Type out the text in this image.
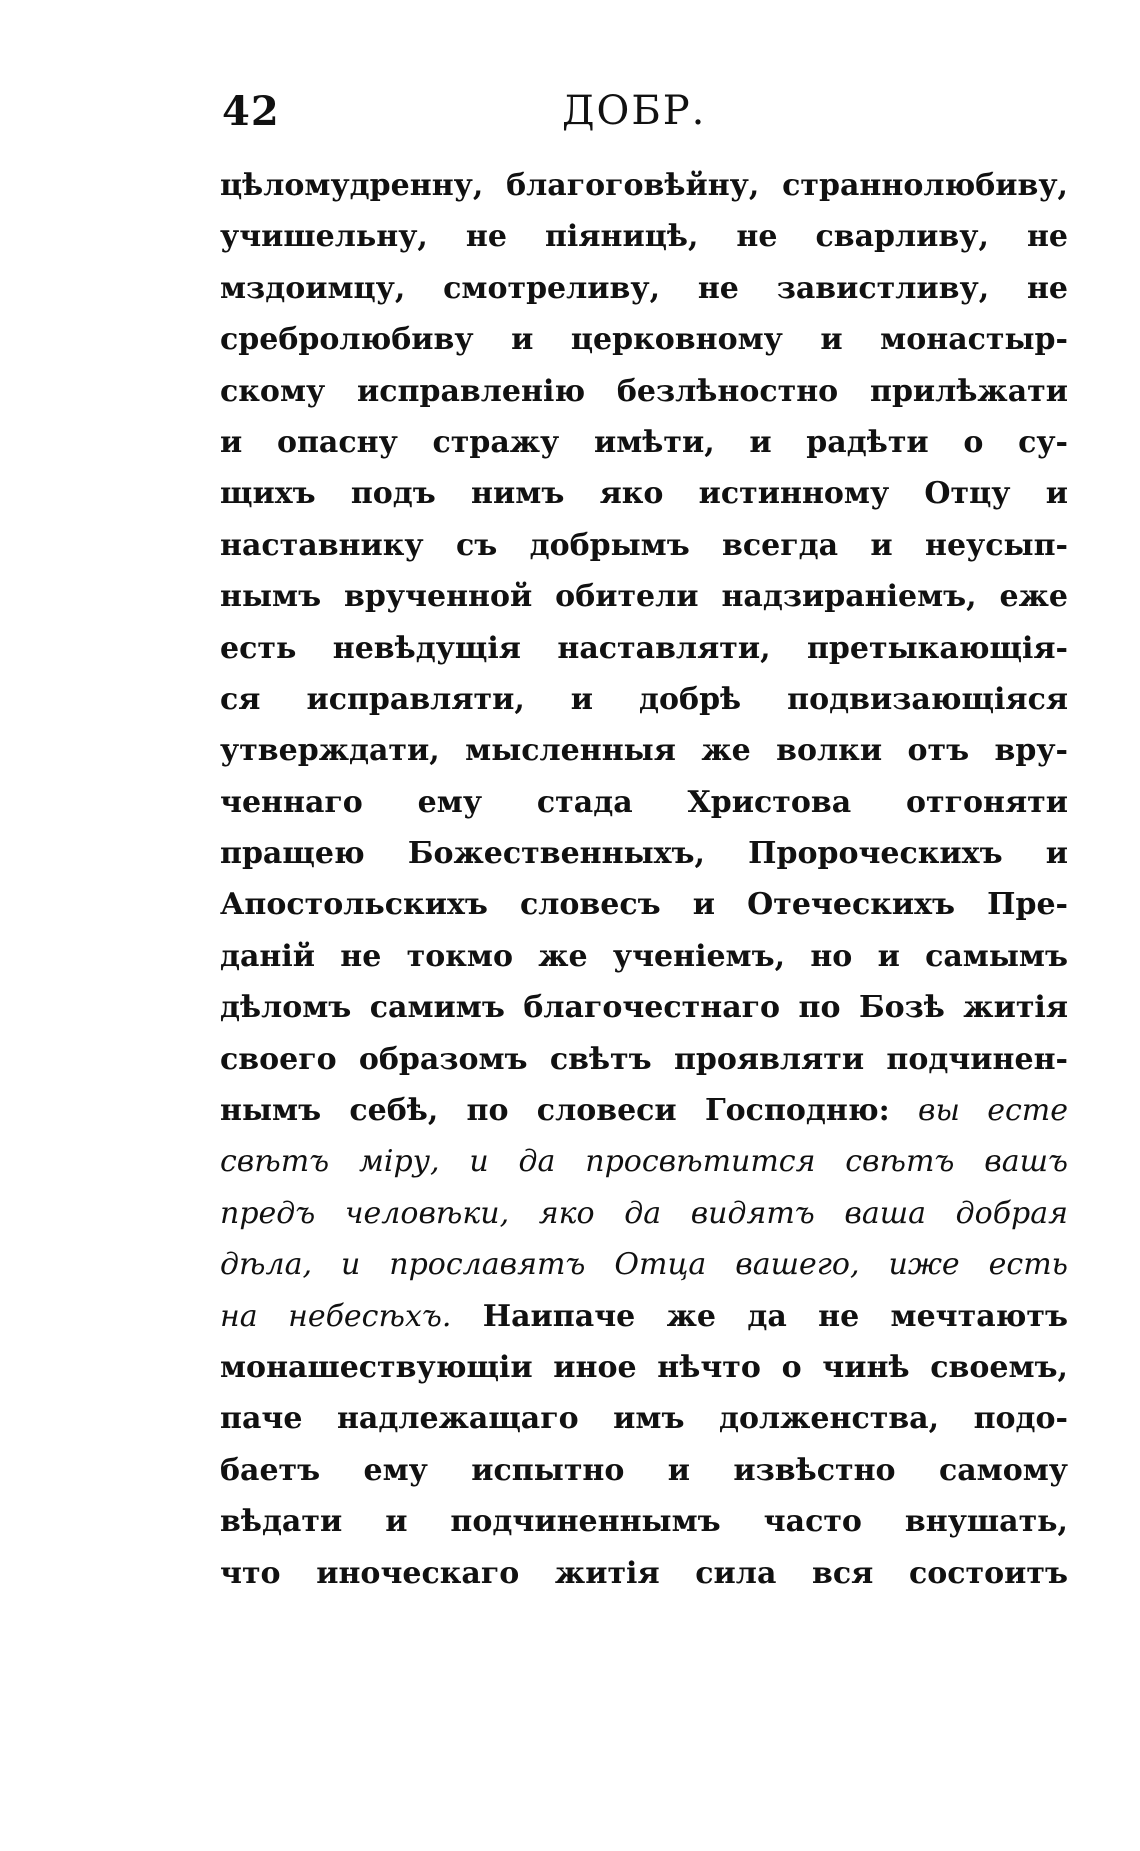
42	ДОБР.
цѣломудренну, благоговѣйну, страннолюбиву,
учишельну, не піяницѣ, не сварливу, не
мздоимцу, смотреливу, не завистливу, не
сребролюбиву и церковному и монастыр-
скому исправленію безлѣностно прилѣжати
и опасну стражу имѣти, и радѣти о су-
щихъ подъ нимъ яко истинному Отцу и
наставнику съ добрымъ всегда и неусып-
нымъ врученной обители надзираніемъ, еже
есть невѣдущія наставляти, претыкающія-
ся исправляти, и добрѣ подвизающіяся
утверждати, мысленныя же волки отъ вру-
ченнаго ему стада Христова отгоняти
пращею Божественныхъ, Пророческихъ и
Апостольскихъ словесъ и Отеческихъ Пре-
даній не токмо же ученіемъ, но и самымъ
дѣломъ самимъ благочестнаго по Бозѣ житія
своего образомъ свѣтъ проявляти подчинен-
нымъ себѣ, по словеси Господню: вы есте
свѣтъ міру, и да просвѣтится свѣтъ вашъ
предъ человѣки, яко да видятъ ваша добрая
дѣла, и прославятъ Отца вашего, иже есть
на небесѣхъ. Наипаче же да не мечтаютъ
монашествующіи иное нѣчто о чинѣ своемъ,
паче надлежащаго имъ долженства, подо-
баетъ ему испытно и извѣстно самому
вѣдати и подчиненнымъ часто внушать,
что иноческаго житія сила вся состоитъ
